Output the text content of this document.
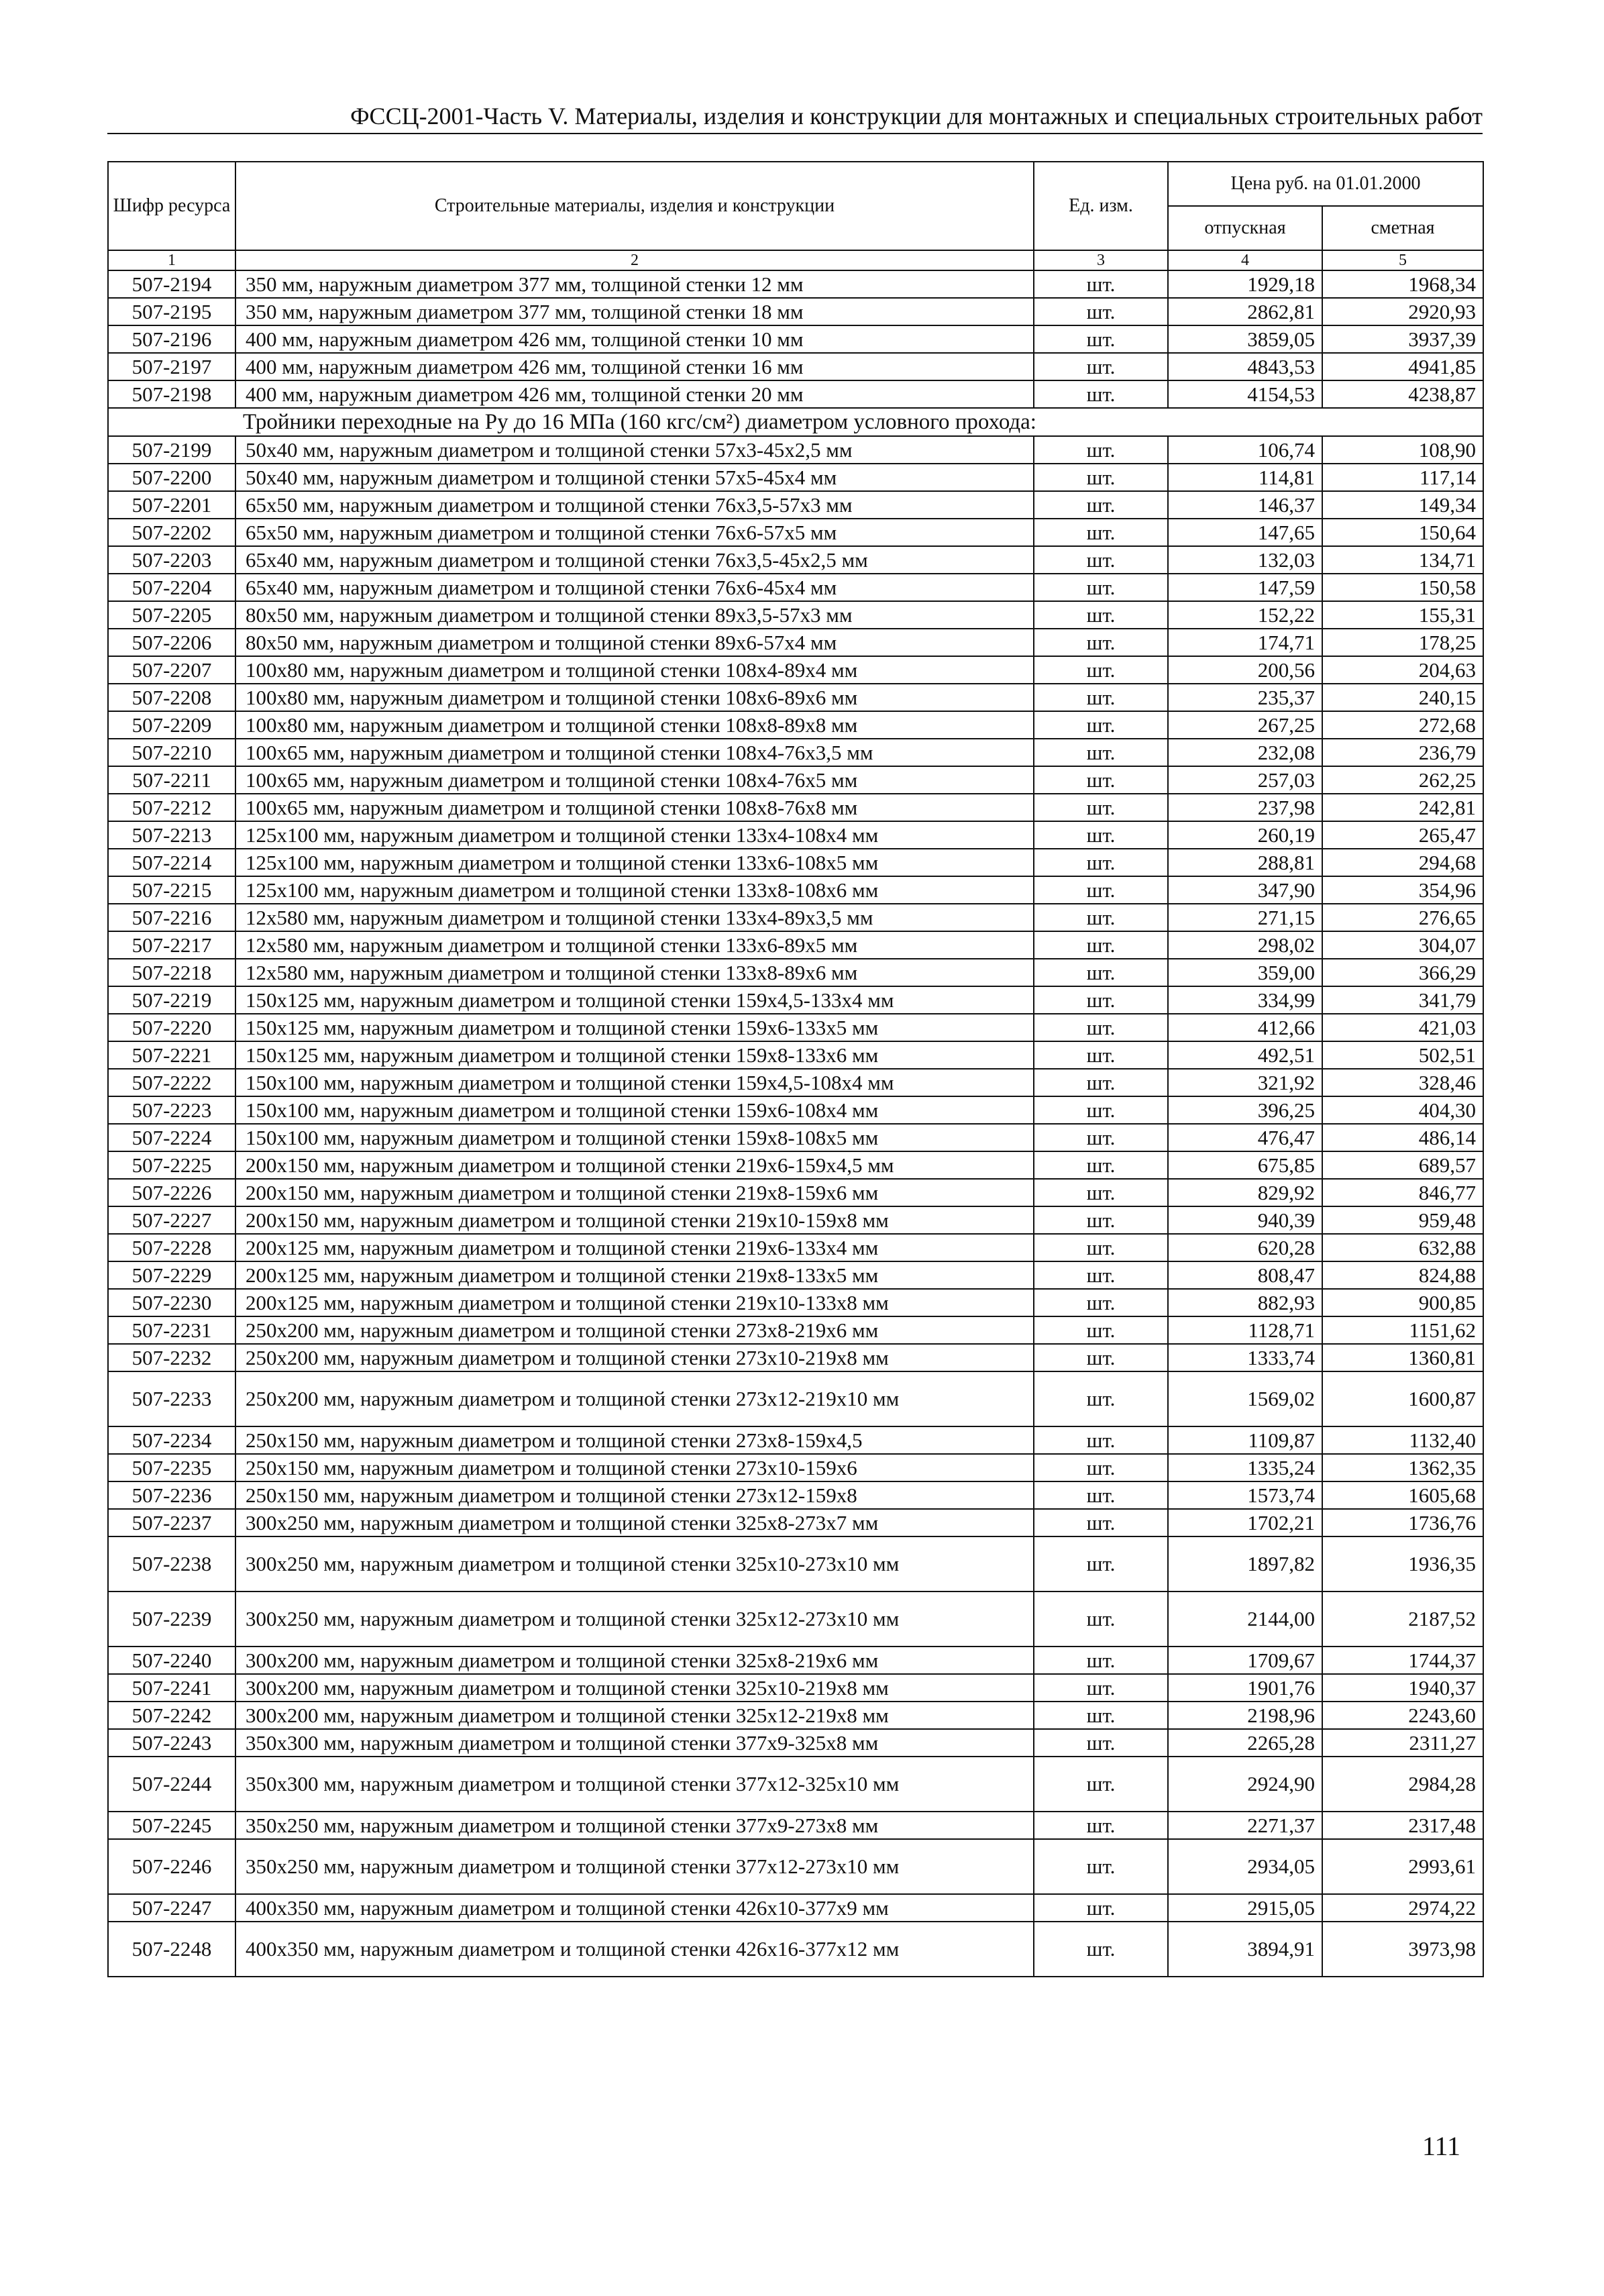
ФССЦ-2001-Часть V. Материалы, изделия и конструкции для монтажных и специальных строительных работ
Шифр ресурса	Строительные материалы, изделия и конструкции	Ед. изм.	Цена руб. на 01.01.2000	
			отпускная	сметная
1	2	3	4	5
507-2194	350 мм, наружным диаметром 377 мм, толщиной стенки 12 мм	шт.	1929,18	1968,34
507-2195	350 мм, наружным диаметром 377 мм, толщиной стенки 18 мм	шт.	2862,81	2920,93
507-2196	400 мм, наружным диаметром 426 мм, толщиной стенки 10 мм	шт.	3859,05	3937,39
507-2197	400 мм, наружным диаметром 426 мм, толщиной стенки 16 мм	шт.	4843,53	4941,85
507-2198	400 мм, наружным диаметром 426 мм, толщиной стенки 20 мм	шт.	4154,53	4238,87
Тройники переходные на Ру до 16 МПа (160 кгс/см²) диаметром условного прохода:				
507-2199	50х40 мм, наружным диаметром и толщиной стенки 57х3-45х2,5 мм	шт.	106,74	108,90
507-2200	50х40 мм, наружным диаметром и толщиной стенки 57х5-45х4 мм	шт.	114,81	117,14
507-2201	65х50 мм, наружным диаметром и толщиной стенки 76х3,5-57х3 мм	шт.	146,37	149,34
507-2202	65х50 мм, наружным диаметром и толщиной стенки 76х6-57х5 мм	шт.	147,65	150,64
507-2203	65х40 мм, наружным диаметром и толщиной стенки 76х3,5-45х2,5 мм	шт.	132,03	134,71
507-2204	65х40 мм, наружным диаметром и толщиной стенки 76х6-45х4 мм	шт.	147,59	150,58
507-2205	80х50 мм, наружным диаметром и толщиной стенки 89х3,5-57х3 мм	шт.	152,22	155,31
507-2206	80х50 мм, наружным диаметром и толщиной стенки 89х6-57х4 мм	шт.	174,71	178,25
507-2207	100х80 мм, наружным диаметром и толщиной стенки 108х4-89х4 мм	шт.	200,56	204,63
507-2208	100х80 мм, наружным диаметром и толщиной стенки 108х6-89х6 мм	шт.	235,37	240,15
507-2209	100х80 мм, наружным диаметром и толщиной стенки 108х8-89х8 мм	шт.	267,25	272,68
507-2210	100х65 мм, наружным диаметром и толщиной стенки 108х4-76х3,5 мм	шт.	232,08	236,79
507-2211	100х65 мм, наружным диаметром и толщиной стенки 108х4-76х5 мм	шт.	257,03	262,25
507-2212	100х65 мм, наружным диаметром и толщиной стенки 108х8-76х8 мм	шт.	237,98	242,81
507-2213	125х100 мм, наружным диаметром и толщиной стенки 133х4-108х4 мм	шт.	260,19	265,47
507-2214	125х100 мм, наружным диаметром и толщиной стенки 133х6-108х5 мм	шт.	288,81	294,68
507-2215	125х100 мм, наружным диаметром и толщиной стенки 133х8-108х6 мм	шт.	347,90	354,96
507-2216	12х580 мм, наружным диаметром и толщиной стенки 133х4-89х3,5 мм	шт.	271,15	276,65
507-2217	12х580 мм, наружным диаметром и толщиной стенки 133х6-89х5 мм	шт.	298,02	304,07
507-2218	12х580 мм, наружным диаметром и толщиной стенки 133х8-89х6 мм	шт.	359,00	366,29
507-2219	150х125 мм, наружным диаметром и толщиной стенки 159х4,5-133х4 мм	шт.	334,99	341,79
507-2220	150х125 мм, наружным диаметром и толщиной стенки 159х6-133х5 мм	шт.	412,66	421,03
507-2221	150х125 мм, наружным диаметром и толщиной стенки 159х8-133х6 мм	шт.	492,51	502,51
507-2222	150х100 мм, наружным диаметром и толщиной стенки 159х4,5-108х4 мм	шт.	321,92	328,46
507-2223	150х100 мм, наружным диаметром и толщиной стенки 159х6-108х4 мм	шт.	396,25	404,30
507-2224	150х100 мм, наружным диаметром и толщиной стенки 159х8-108х5 мм	шт.	476,47	486,14
507-2225	200х150 мм, наружным диаметром и толщиной стенки 219х6-159х4,5 мм	шт.	675,85	689,57
507-2226	200х150 мм, наружным диаметром и толщиной стенки 219х8-159х6 мм	шт.	829,92	846,77
507-2227	200х150 мм, наружным диаметром и толщиной стенки 219х10-159х8 мм	шт.	940,39	959,48
507-2228	200х125 мм, наружным диаметром и толщиной стенки 219х6-133х4 мм	шт.	620,28	632,88
507-2229	200х125 мм, наружным диаметром и толщиной стенки 219х8-133х5 мм	шт.	808,47	824,88
507-2230	200х125 мм, наружным диаметром и толщиной стенки 219х10-133х8 мм	шт.	882,93	900,85
507-2231	250х200 мм, наружным диаметром и толщиной стенки 273х8-219х6 мм	шт.	1128,71	1151,62
507-2232	250х200 мм, наружным диаметром и толщиной стенки 273х10-219х8 мм	шт.	1333,74	1360,81
507-2233	250х200 мм, наружным диаметром и толщиной стенки 273х12-219х10 мм	шт.	1569,02	1600,87
507-2234	250х150 мм, наружным диаметром и толщиной стенки 273х8-159х4,5	шт.	1109,87	1132,40
507-2235	250х150 мм, наружным диаметром и толщиной стенки 273х10-159х6	шт.	1335,24	1362,35
507-2236	250х150 мм, наружным диаметром и толщиной стенки 273х12-159х8	шт.	1573,74	1605,68
507-2237	300х250 мм, наружным диаметром и толщиной стенки 325х8-273х7 мм	шт.	1702,21	1736,76
507-2238	300х250 мм, наружным диаметром и толщиной стенки 325х10-273х10 мм	шт.	1897,82	1936,35
507-2239	300х250 мм, наружным диаметром и толщиной стенки 325х12-273х10 мм	шт.	2144,00	2187,52
507-2240	300х200 мм, наружным диаметром и толщиной стенки 325х8-219х6 мм	шт.	1709,67	1744,37
507-2241	300х200 мм, наружным диаметром и толщиной стенки 325х10-219х8 мм	шт.	1901,76	1940,37
507-2242	300х200 мм, наружным диаметром и толщиной стенки 325х12-219х8 мм	шт.	2198,96	2243,60
507-2243	350х300 мм, наружным диаметром и толщиной стенки 377х9-325х8 мм	шт.	2265,28	2311,27
507-2244	350х300 мм, наружным диаметром и толщиной стенки 377х12-325х10 мм	шт.	2924,90	2984,28
507-2245	350х250 мм, наружным диаметром и толщиной стенки 377х9-273х8 мм	шт.	2271,37	2317,48
507-2246	350х250 мм, наружным диаметром и толщиной стенки 377х12-273х10 мм	шт.	2934,05	2993,61
507-2247	400х350 мм, наружным диаметром и толщиной стенки 426х10-377х9 мм	шт.	2915,05	2974,22
507-2248	400х350 мм, наружным диаметром и толщиной стенки 426х16-377х12 мм	шт.	3894,91	3973,98
111
